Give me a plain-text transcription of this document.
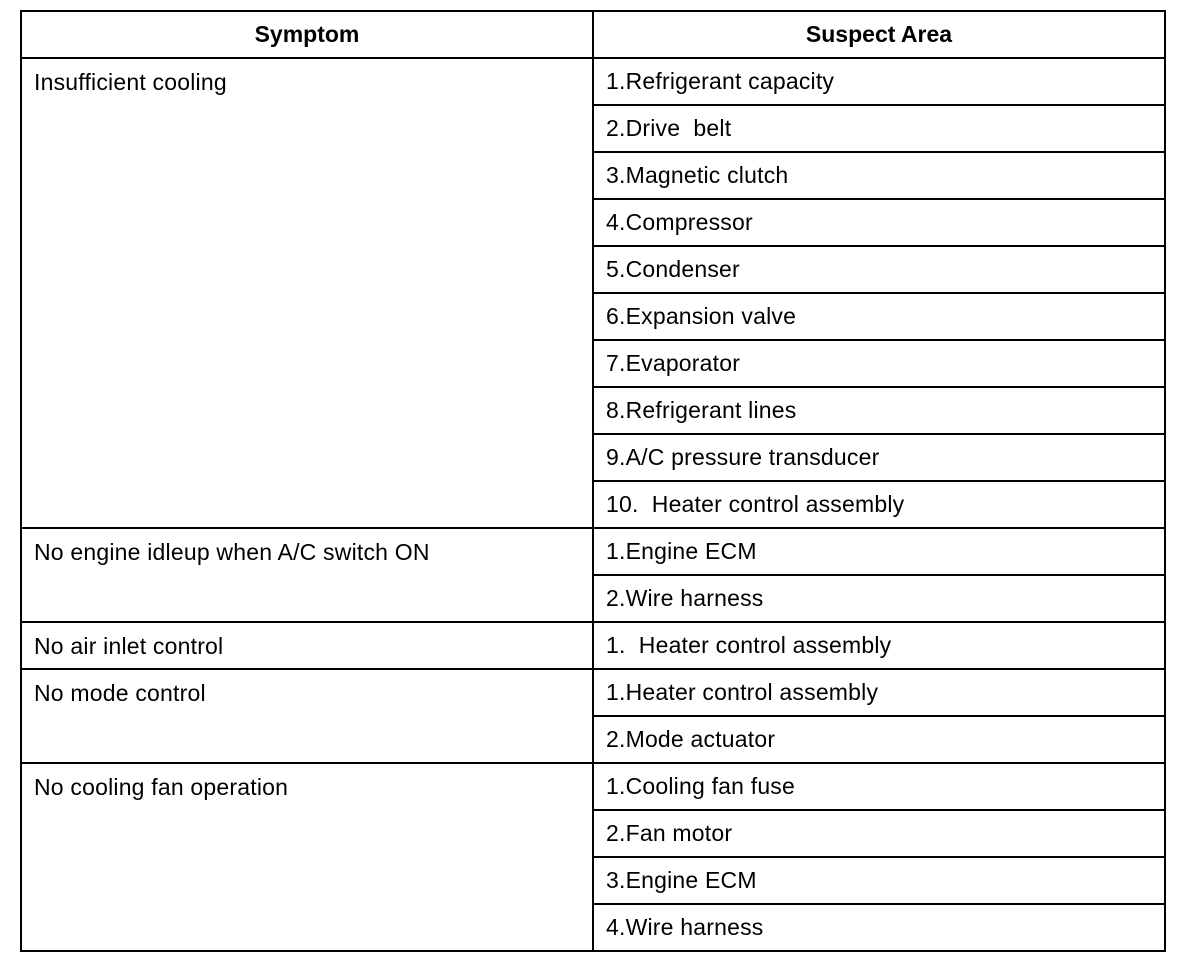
Symptom	Suspect Area
Insufficient cooling	1.Refrigerant capacity
	2.Drive  belt
	3.Magnetic clutch
	4.Compressor
	5.Condenser
	6.Expansion valve
	7.Evaporator
	8.Refrigerant lines
	9.A/C pressure transducer
	10.  Heater control assembly
No engine idleup when A/C switch ON	1.Engine ECM
	2.Wire harness
No air inlet control	1.  Heater control assembly
No mode control	1.Heater control assembly
	2.Mode actuator
No cooling fan operation	1.Cooling fan fuse
	2.Fan motor
	3.Engine ECM
	4.Wire harness
